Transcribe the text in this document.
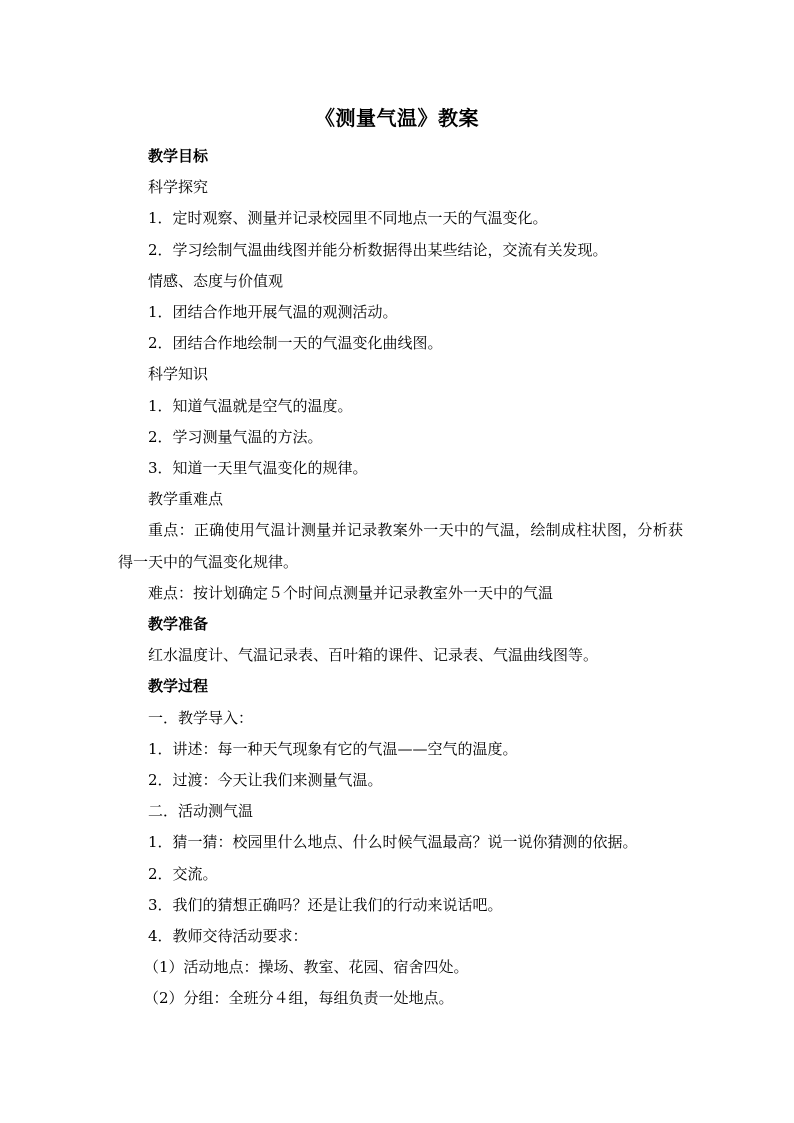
《测量气温》教案

教学目标

科学探究

1．定时观察、测量并记录校园里不同地点一天的气温变化。

2．学习绘制气温曲线图并能分析数据得出某些结论，交流有关发现。

情感、态度与价值观

1．团结合作地开展气温的观测活动。

2．团结合作地绘制一天的气温变化曲线图。

科学知识

1．知道气温就是空气的温度。

2．学习测量气温的方法。

3．知道一天里气温变化的规律。

教学重难点

重点：正确使用气温计测量并记录教案外一天中的气温，绘制成柱状图，分析获得一天中的气温变化规律。

难点：按计划确定５个时间点测量并记录教室外一天中的气温

教学准备

红水温度计、气温记录表、百叶箱的课件、记录表、气温曲线图等。

教学过程

一．教学导入：

1．讲述：每一种天气现象有它的气温——空气的温度。

2．过渡：今天让我们来测量气温。

二．活动测气温

1．猜一猜：校园里什么地点、什么时候气温最高？说一说你猜测的依据。

2．交流。

3．我们的猜想正确吗？还是让我们的行动来说话吧。

4．教师交待活动要求：

（1）活动地点：操场、教室、花园、宿舍四处。

（2）分组：全班分４组，每组负责一处地点。
